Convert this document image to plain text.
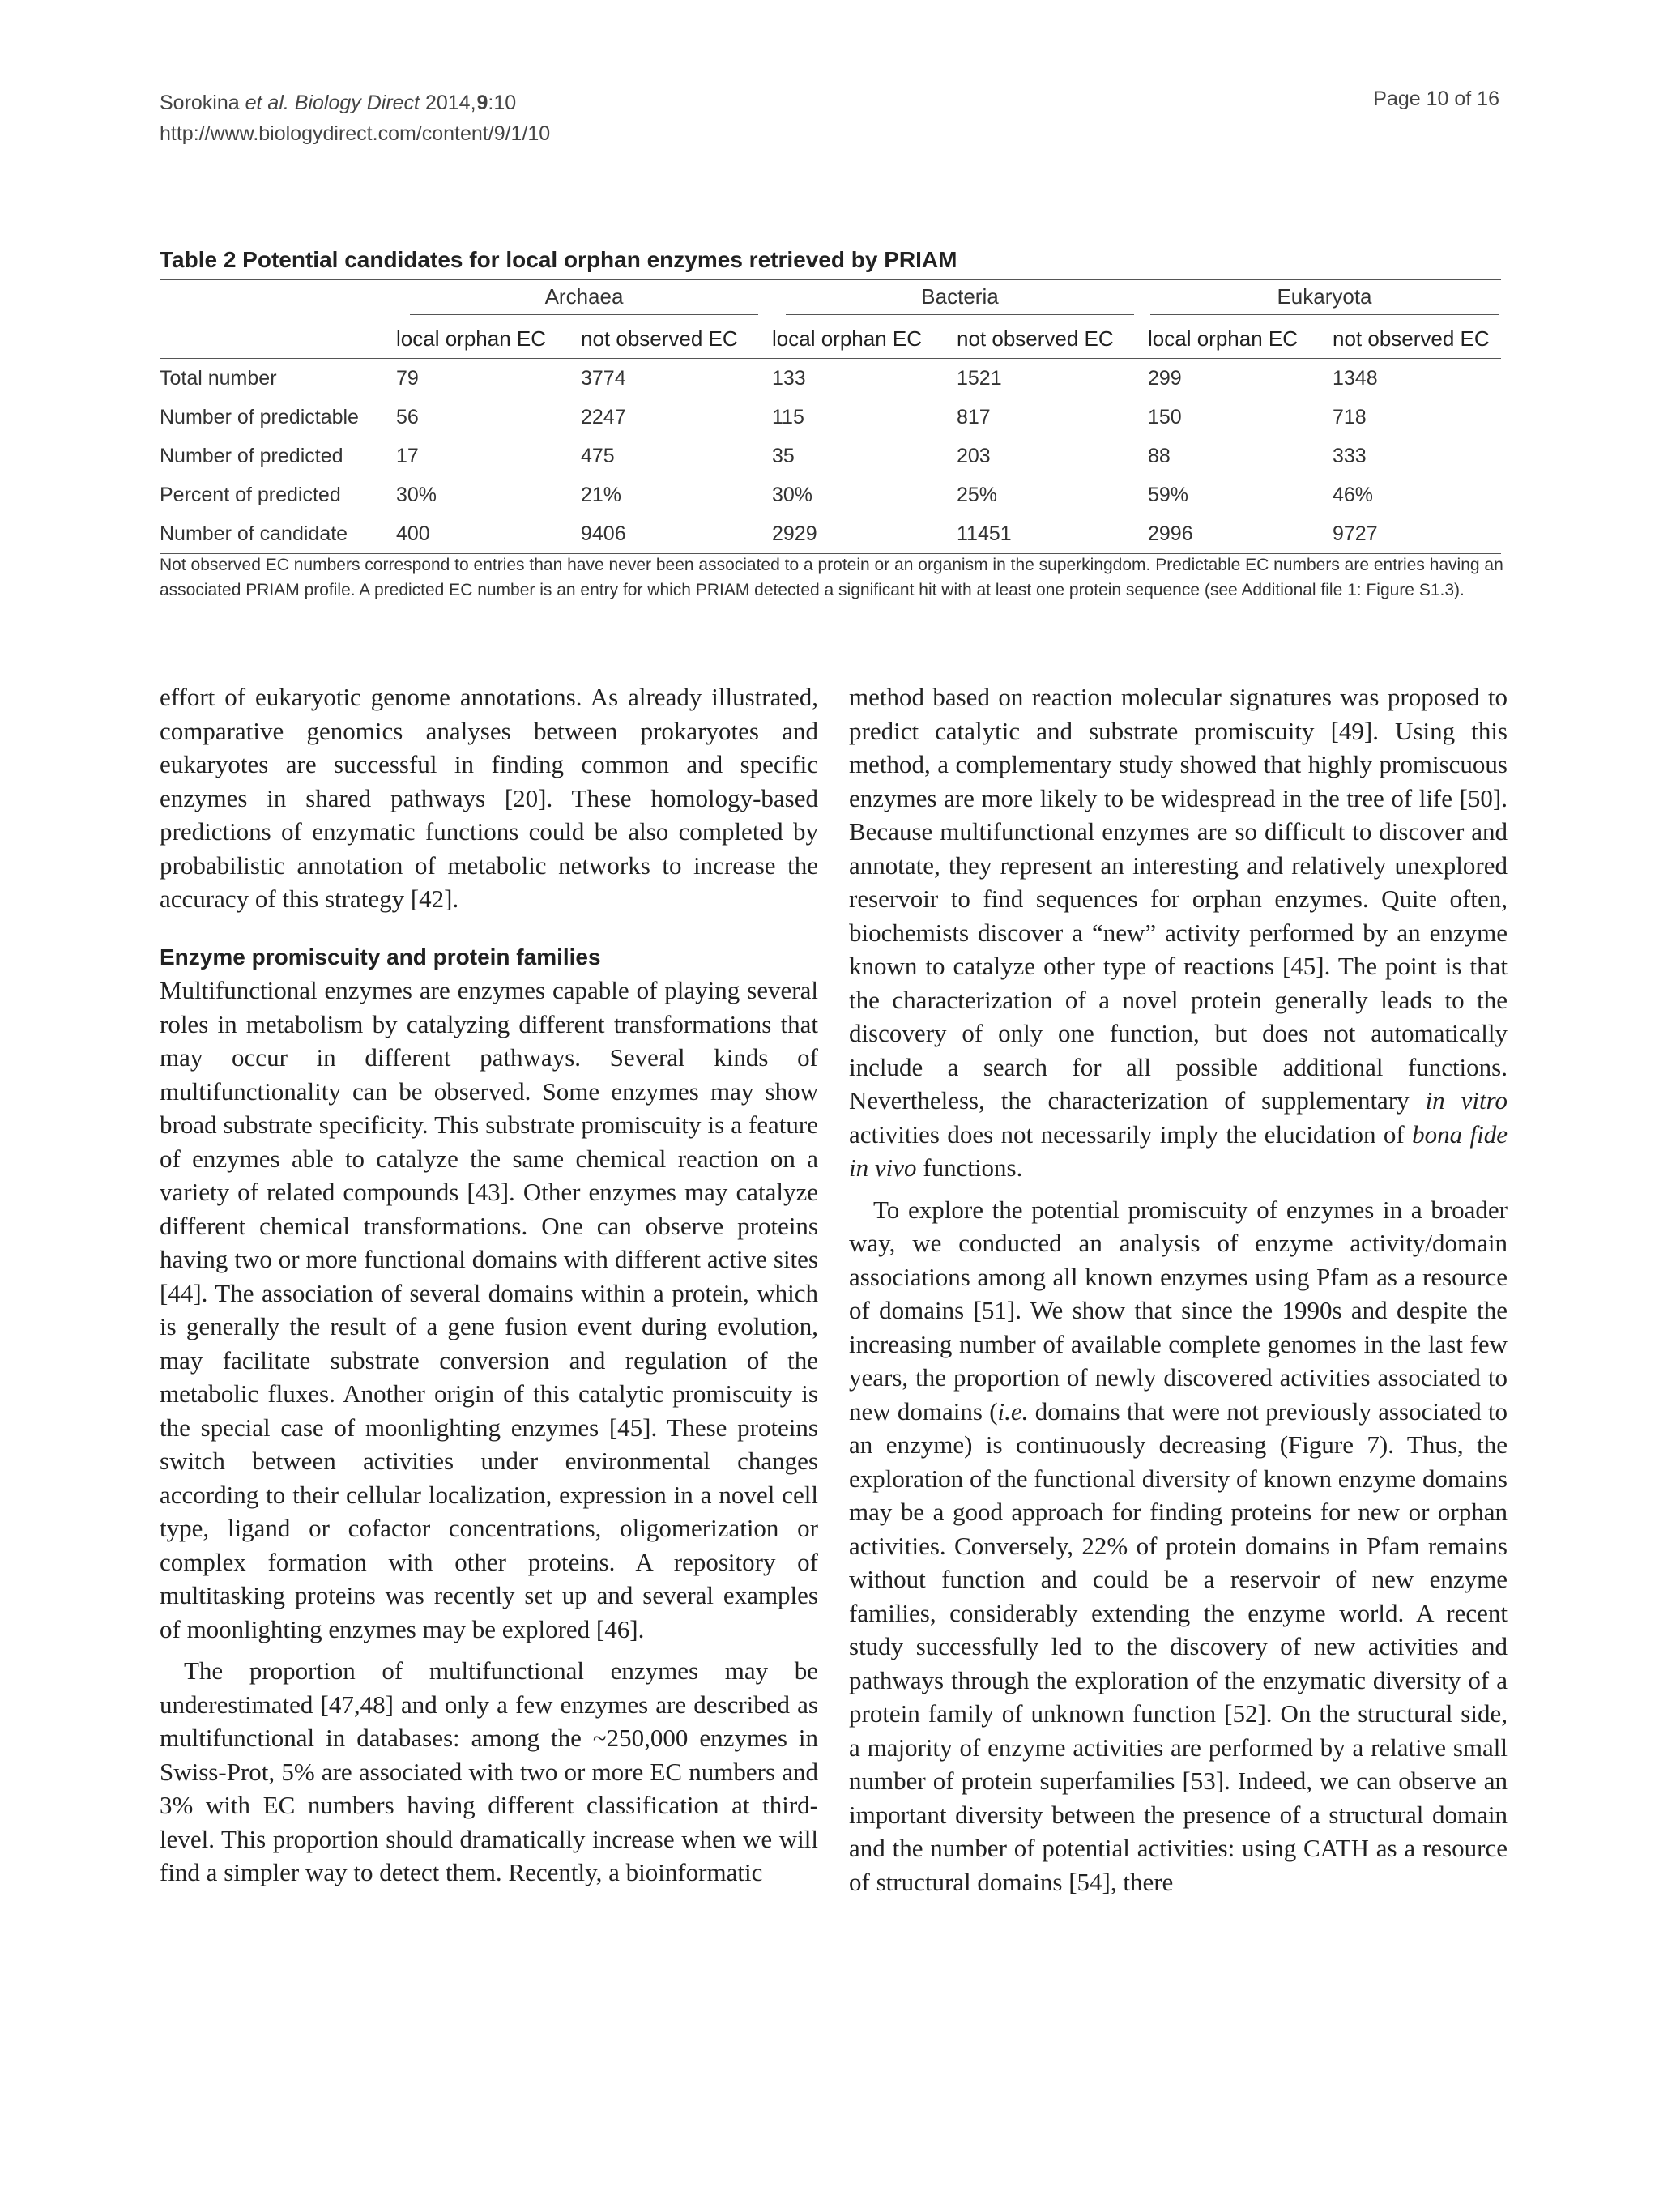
Sorokina et al. Biology Direct 2014, 9:10
http://www.biologydirect.com/content/9/1/10
Page 10 of 16
Table 2 Potential candidates for local orphan enzymes retrieved by PRIAM
	Archaea		Bacteria		Eukaryota	
	local orphan EC	not observed EC	local orphan EC	not observed EC	local orphan EC	not observed EC
Total number	79	3774	133	1521	299	1348
Number of predictable	56	2247	115	817	150	718
Number of predicted	17	475	35	203	88	333
Percent of predicted	30%	21%	30%	25%	59%	46%
Number of candidate	400	9406	2929	11451	2996	9727
Not observed EC numbers correspond to entries than have never been associated to a protein or an organism in the superkingdom. Predictable EC numbers are entries having an associated PRIAM profile. A predicted EC number is an entry for which PRIAM detected a significant hit with at least one protein sequence (see Additional file 1: Figure S1.3).

effort of eukaryotic genome annotations. As already illustrated, comparative genomics analyses between prokaryotes and eukaryotes are successful in finding common and specific enzymes in shared pathways [20]. These homology-based predictions of enzymatic functions could be also completed by probabilistic annotation of metabolic networks to increase the accuracy of this strategy [42].

Enzyme promiscuity and protein families

Multifunctional enzymes are enzymes capable of playing several roles in metabolism by catalyzing different transformations that may occur in different pathways. Several kinds of multifunctionality can be observed. Some enzymes may show broad substrate specificity. This substrate promiscuity is a feature of enzymes able to catalyze the same chemical reaction on a variety of related compounds [43]. Other enzymes may catalyze different chemical transformations. One can observe proteins having two or more functional domains with different active sites [44]. The association of several domains within a protein, which is generally the result of a gene fusion event during evolution, may facilitate substrate conversion and regulation of the metabolic fluxes. Another origin of this catalytic promiscuity is the special case of moonlighting enzymes [45]. These proteins switch between activities under environmental changes according to their cellular localization, expression in a novel cell type, ligand or cofactor concentrations, oligomerization or complex formation with other proteins. A repository of multitasking proteins was recently set up and several examples of moonlighting enzymes may be explored [46].

The proportion of multifunctional enzymes may be underestimated [47,48] and only a few enzymes are described as multifunctional in databases: among the ~250,000 enzymes in Swiss-Prot, 5% are associated with two or more EC numbers and 3% with EC numbers having different classification at third-level. This proportion should dramatically increase when we will find a simpler way to detect them. Recently, a bioinformatic

method based on reaction molecular signatures was proposed to predict catalytic and substrate promiscuity [49]. Using this method, a complementary study showed that highly promiscuous enzymes are more likely to be widespread in the tree of life [50]. Because multifunctional enzymes are so difficult to discover and annotate, they represent an interesting and relatively unexplored reservoir to find sequences for orphan enzymes. Quite often, biochemists discover a “new” activity performed by an enzyme known to catalyze other type of reactions [45]. The point is that the characterization of a novel protein generally leads to the discovery of only one function, but does not automatically include a search for all possible additional functions. Nevertheless, the characterization of supplementary in vitro activities does not necessarily imply the elucidation of bona fide in vivo functions.

To explore the potential promiscuity of enzymes in a broader way, we conducted an analysis of enzyme activity/domain associations among all known enzymes using Pfam as a resource of domains [51]. We show that since the 1990s and despite the increasing number of available complete genomes in the last few years, the proportion of newly discovered activities associated to new domains (i.e. domains that were not previously associated to an enzyme) is continuously decreasing (Figure 7). Thus, the exploration of the functional diversity of known enzyme domains may be a good approach for finding proteins for new or orphan activities. Conversely, 22% of protein domains in Pfam remains without function and could be a reservoir of new enzyme families, considerably extending the enzyme world. A recent study successfully led to the discovery of new activities and pathways through the exploration of the enzymatic diversity of a protein family of unknown function [52]. On the structural side, a majority of enzyme activities are performed by a relative small number of protein superfamilies [53]. Indeed, we can observe an important diversity between the presence of a structural domain and the number of potential activities: using CATH as a resource of structural domains [54], there
